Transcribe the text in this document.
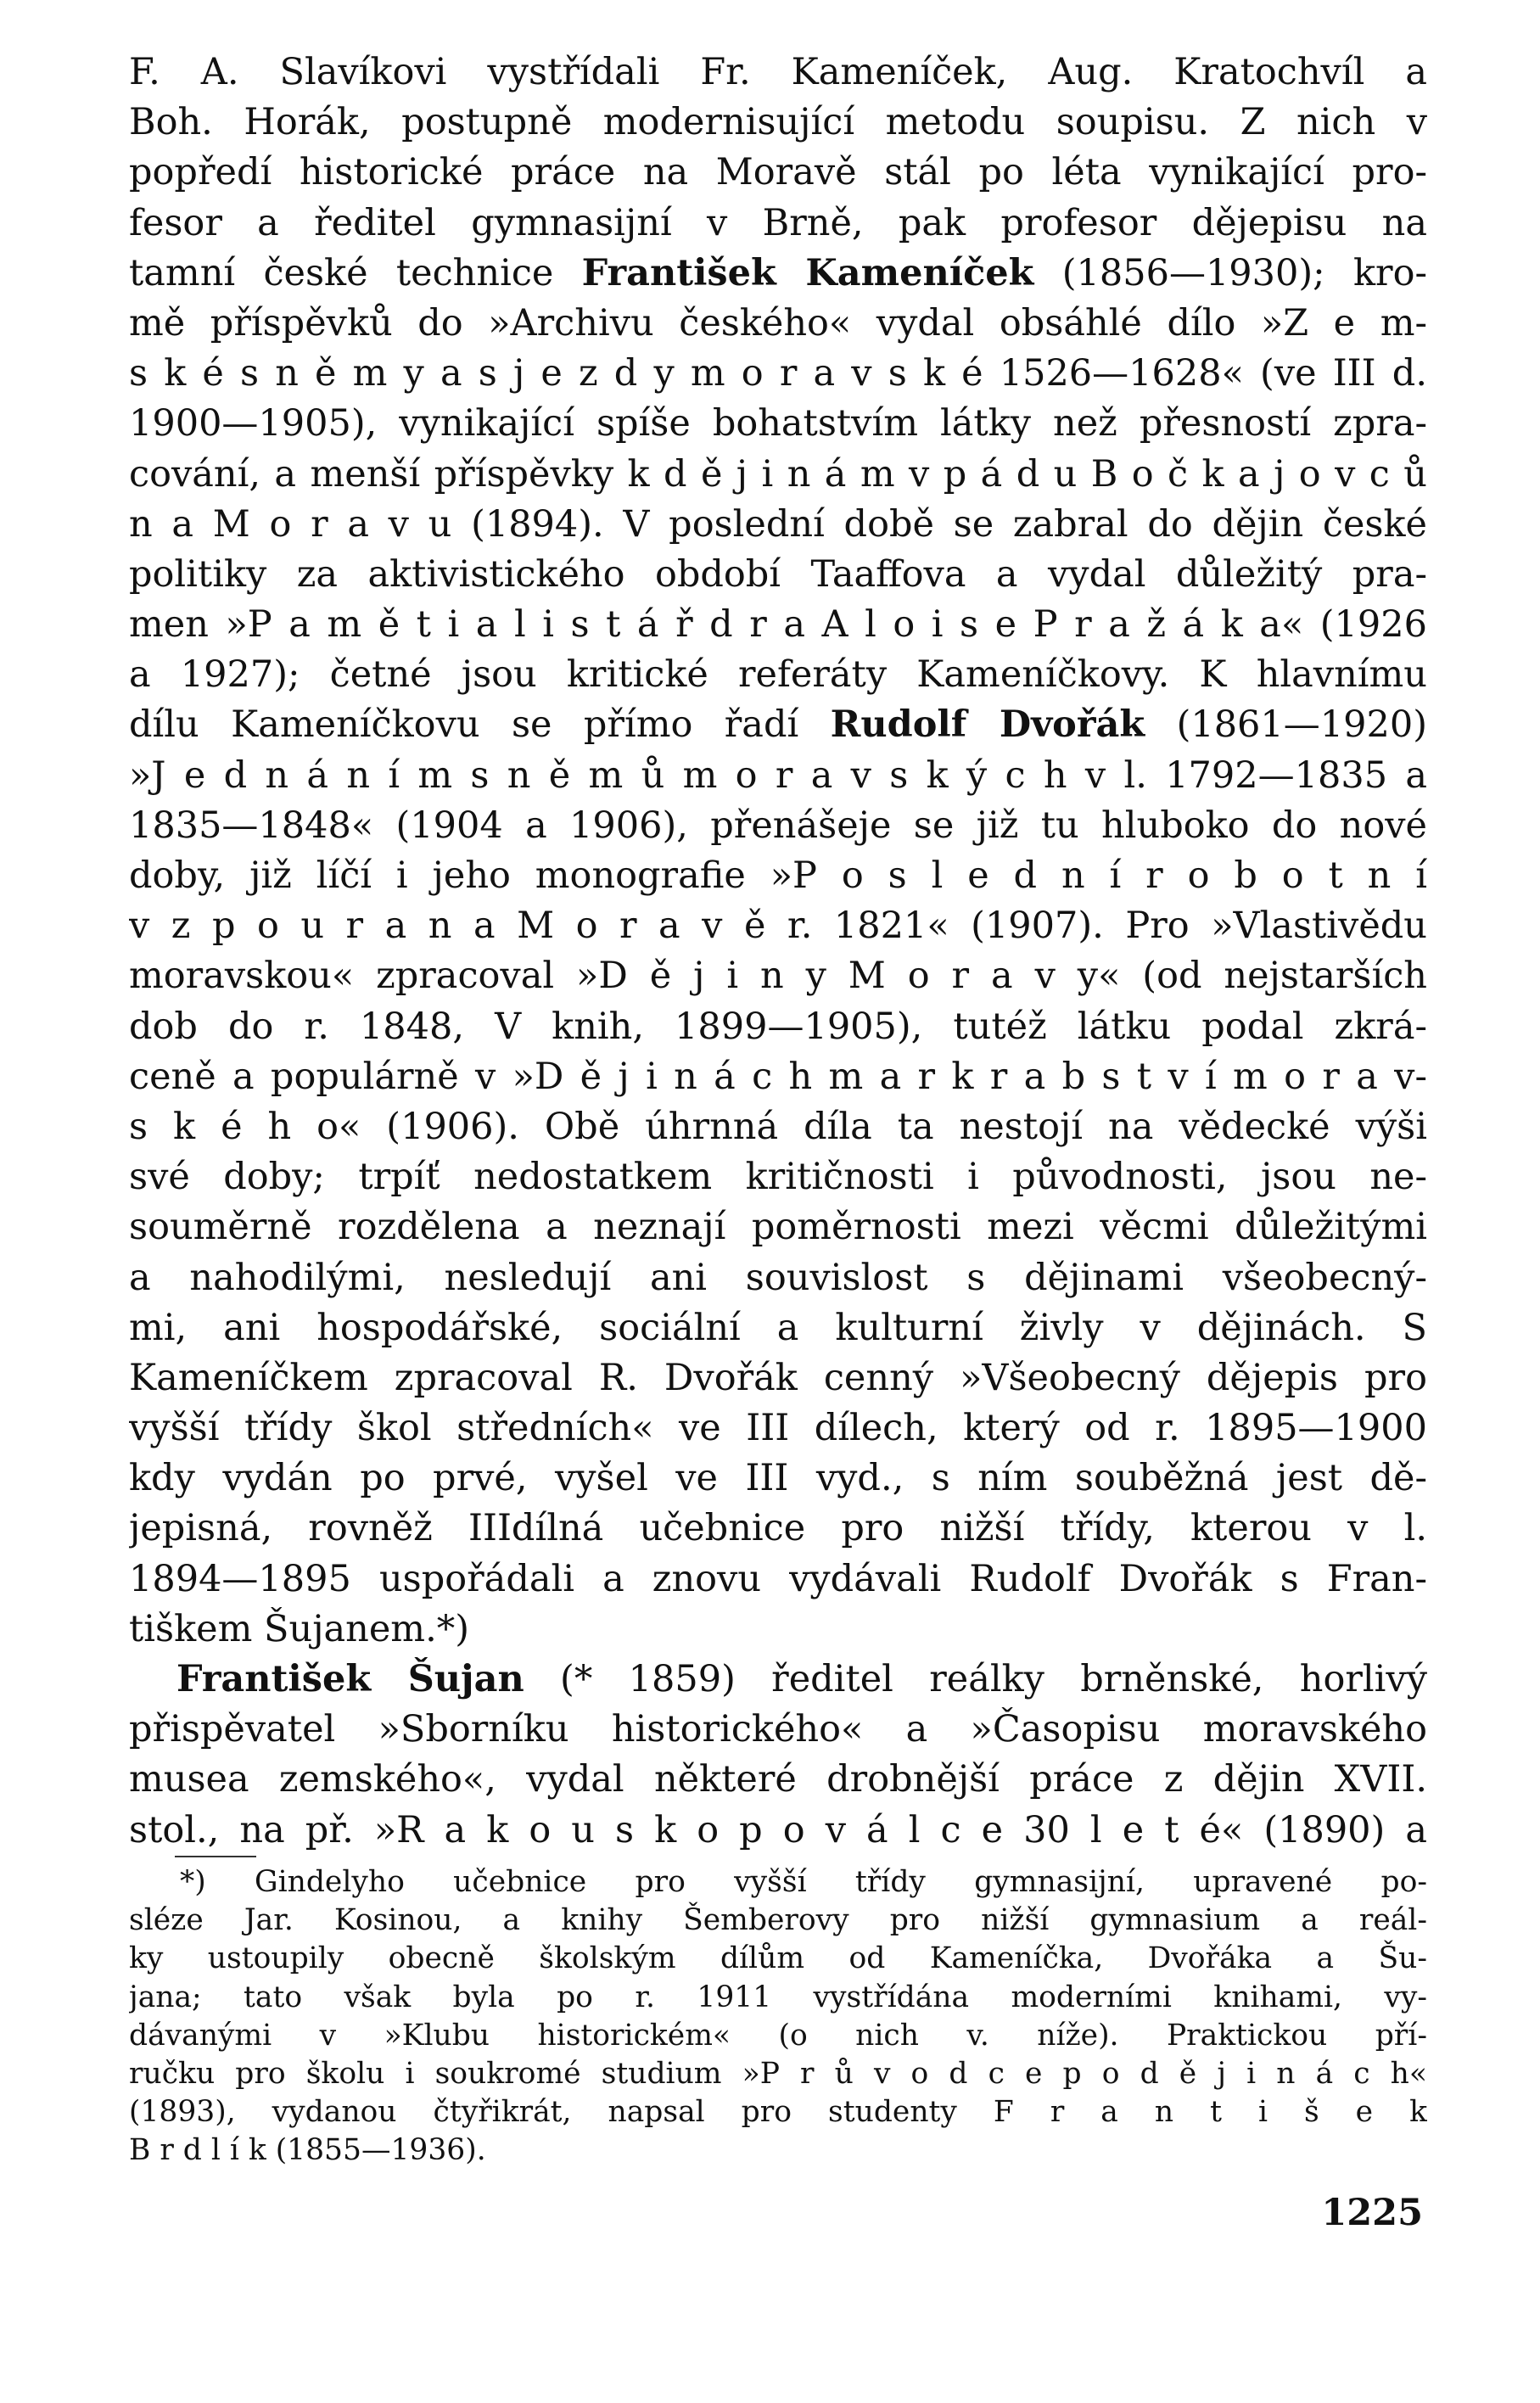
F. A. Slavíkovi vystřídali Fr. Kameníček, Aug. Kratochvíl a
Boh. Horák, postupně modernisující metodu soupisu. Z nich v
popředí historické práce na Moravě stál po léta vynikající pro-
fesor a ředitel gymnasijní v Brně, pak profesor dějepisu na
tamní české technice František Kameníček (1856—1930); kro-
mě příspěvků do »Archivu českého« vydal obsáhlé dílo »Z e m-
s k é s n ě m y a s j e z d y m o r a v s k é 1526—1628« (ve III d.
1900—1905), vynikající spíše bohatstvím látky než přesností zpra-
cování, a menší příspěvky k d ě j i n á m v p á d u B o č k a j o v c ů
n a M o r a v u (1894). V poslední době se zabral do dějin české
politiky za aktivistického období Taaffova a vydal důležitý pra-
men »P a m ě t i a l i s t á ř d r a A l o i s e P r a ž á k a« (1926
a 1927); četné jsou kritické referáty Kameníčkovy. K hlavnímu
dílu Kameníčkovu se přímo řadí Rudolf Dvořák (1861—1920)
»J e d n á n í m s n ě m ů m o r a v s k ý c h v l. 1792—1835 a
1835—1848« (1904 a 1906), přenášeje se již tu hluboko do nové
doby, již líčí i jeho monografie »P o s l e d n í r o b o t n í
v z p o u r a n a M o r a v ě r. 1821« (1907). Pro »Vlastivědu
moravskou« zpracoval »D ě j i n y M o r a v y« (od nejstarších
dob do r. 1848, V knih, 1899—1905), tutéž látku podal zkrá-
ceně a populárně v »D ě j i n á c h m a r k r a b s t v í m o r a v-
s k é h o« (1906). Obě úhrnná díla ta nestojí na vědecké výši
své doby; trpíť nedostatkem kritičnosti i původnosti, jsou ne-
souměrně rozdělena a neznají poměrnosti mezi věcmi důležitými
a nahodilými, nesledují ani souvislost s dějinami všeobecný-
mi, ani hospodářské, sociální a kulturní živly v dějinách. S
Kameníčkem zpracoval R. Dvořák cenný »Všeobecný dějepis pro
vyšší třídy škol středních« ve III dílech, který od r. 1895—1900
kdy vydán po prvé, vyšel ve III vyd., s ním souběžná jest dě-
jepisná, rovněž IIIdílná učebnice pro nižší třídy, kterou v l.
1894—1895 uspořádali a znovu vydávali Rudolf Dvořák s Fran-
tiškem Šujanem.*)
František Šujan (* 1859) ředitel reálky brněnské, horlivý
přispěvatel »Sborníku historického« a »Časopisu moravského
musea zemského«, vydal některé drobnější práce z dějin XVII.
stol., na př. »R a k o u s k o p o v á l c e 30 l e t é« (1890) a
*) Gindelyho učebnice pro vyšší třídy gymnasijní, upravené po-
sléze Jar. Kosinou, a knihy Šemberovy pro nižší gymnasium a reál-
ky ustoupily obecně školským dílům od Kameníčka, Dvořáka a Šu-
jana; tato však byla po r. 1911 vystřídána moderními knihami, vy-
dávanými v »Klubu historickém« (o nich v. níže). Praktickou pří-
ručku pro školu i soukromé studium »P r ů v o d c e p o d ě j i n á c h«
(1893), vydanou čtyřikrát, napsal pro studenty F r a n t i š e k
B r d l í k (1855—1936).
1225
